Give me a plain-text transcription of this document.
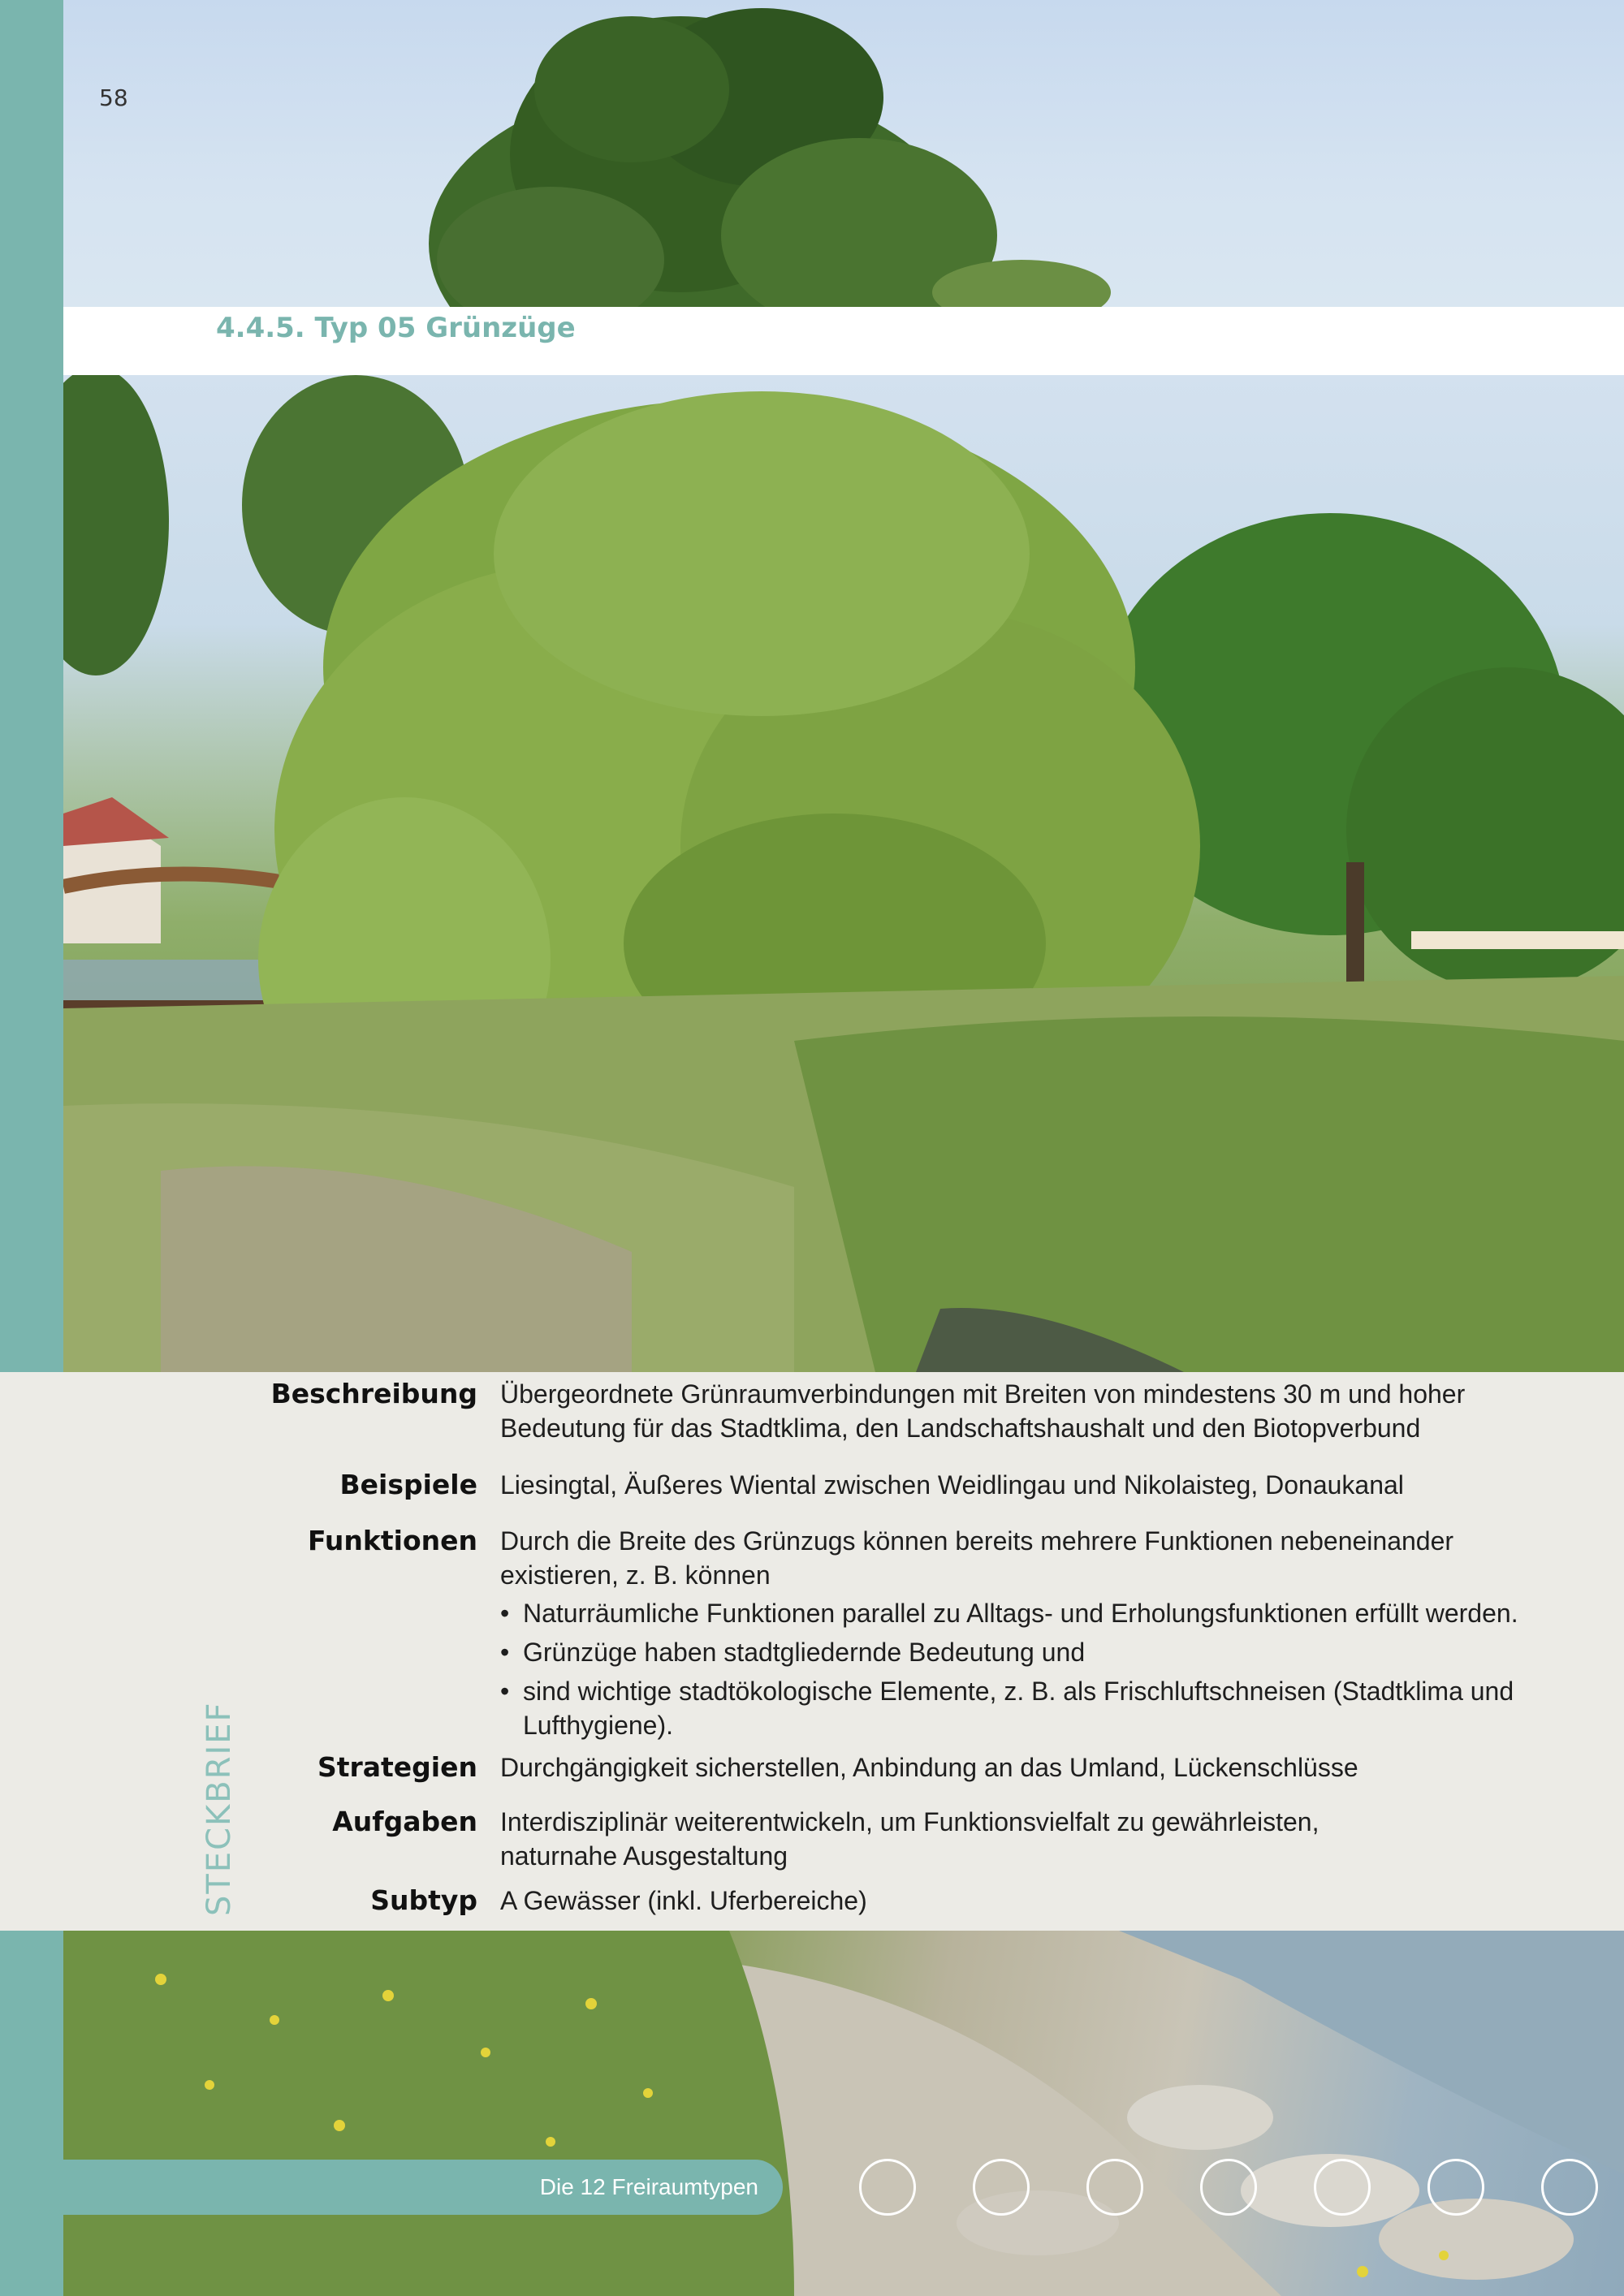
58
4.4.5. Typ 05 Grünzüge
Beschreibung Übergeordnete Grünraumverbindungen mit Breiten von mindestens 30 m und hoher
Bedeutung für das Stadtklima, den Landschaftshaushalt und den Biotopverbund
Beispiele Liesingtal, Äußeres Wiental zwischen Weidlingau und Nikolaisteg, Donaukanal
Funktionen Durch die Breite des Grünzugs können bereits mehrere Funktionen nebeneinander
existieren, z. B. können
• Naturräumliche Funktionen parallel zu Alltags- und Erholungsfunktionen erfüllt werden.
• Grünzüge haben stadtgliedernde Bedeutung und
• sind wichtige stadtökologische Elemente, z. B. als Frischluftschneisen (Stadtklima und
Lufthygiene).
Strategien Durchgängigkeit sicherstellen, Anbindung an das Umland, Lückenschlüsse
Aufgaben Interdisziplinär weiterentwickeln, um Funktionsvielfalt zu gewährleisten,
naturnahe Ausgestaltung
Subtyp A Gewässer (inkl. Uferbereiche)
STECKBRIEF
Die 12 Freiraumtypen
